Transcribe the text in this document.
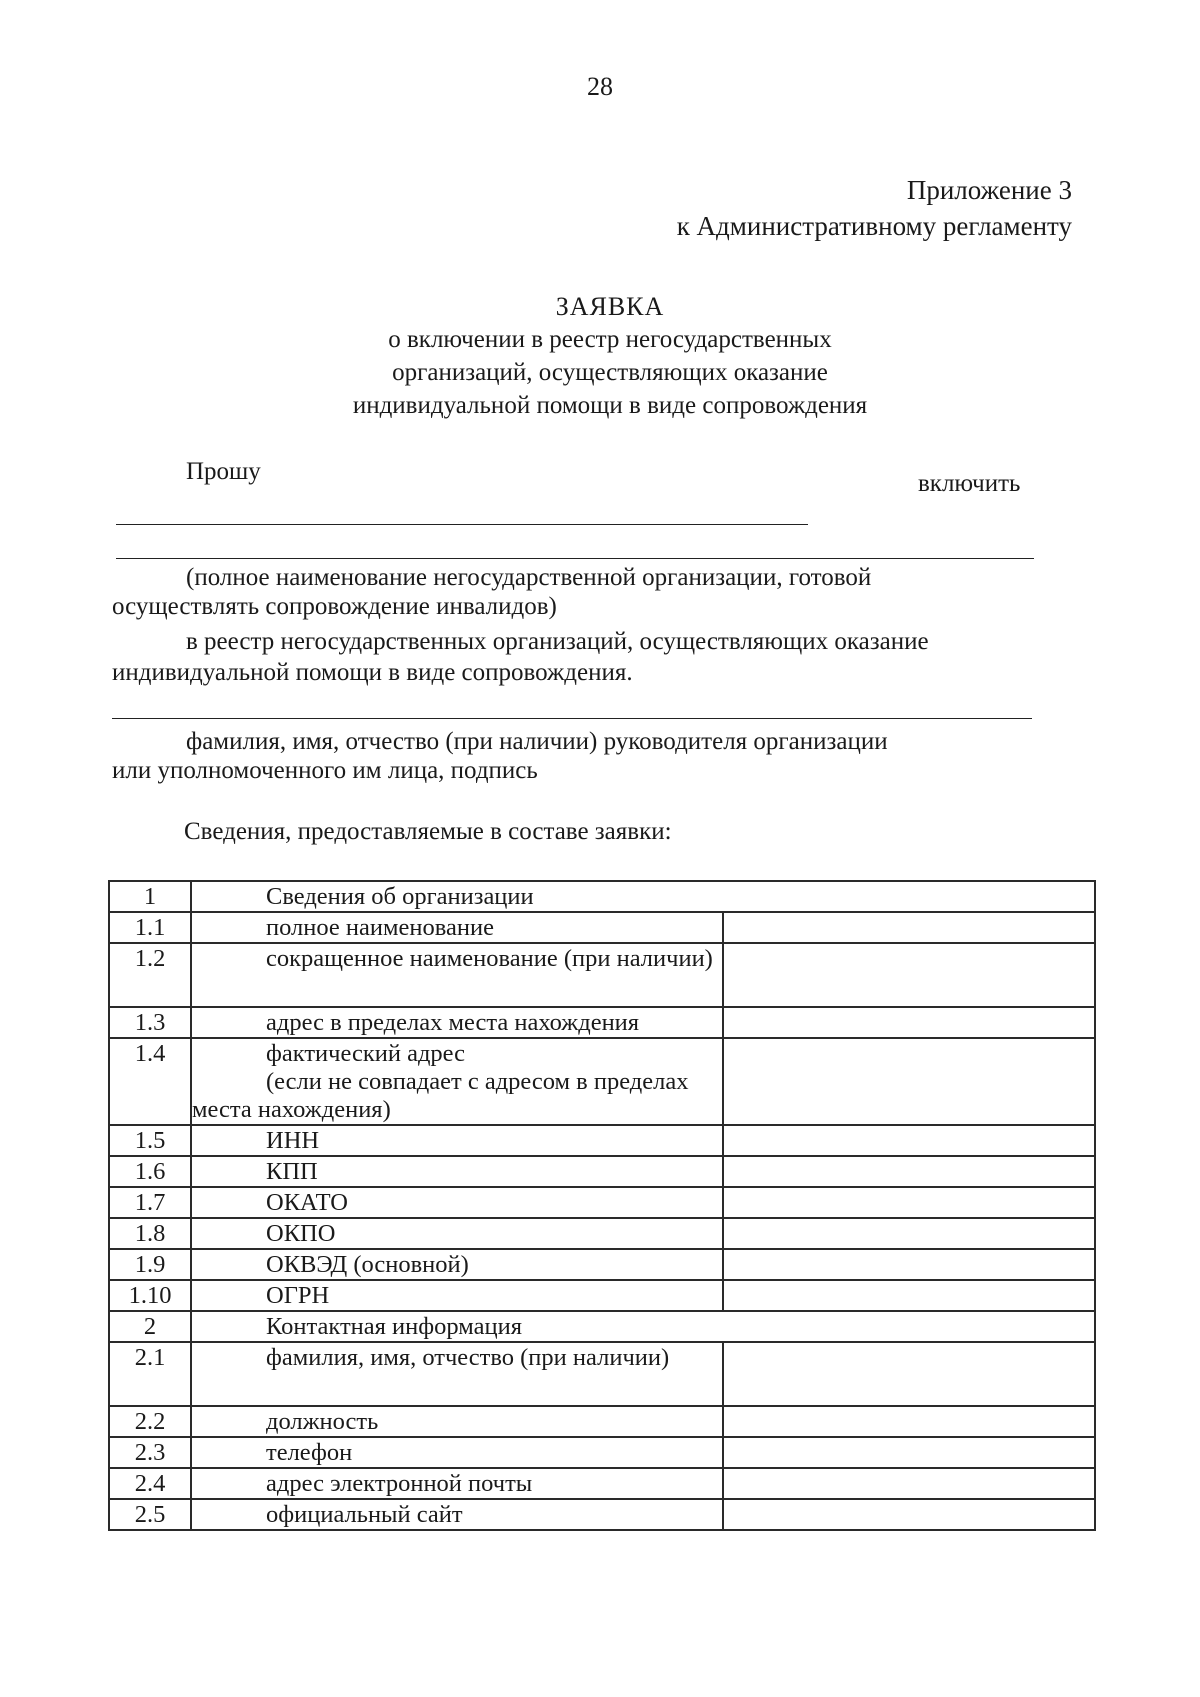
28
Приложение 3
к Административному регламенту
ЗАЯВКА
о включении в реестр негосударственных
организаций, осуществляющих оказание
индивидуальной помощи в виде сопровождения
Прошу	включить
(полное наименование негосударственной организации, готовой
осуществлять сопровождение инвалидов)
в реестр негосударственных организаций, осуществляющих оказание
индивидуальной помощи в виде сопровождения.
фамилия, имя, отчество (при наличии) руководителя организации
или уполномоченного им лица, подпись
Сведения, предоставляемые в составе заявки:
1	Сведения об организации	
1.1	полное наименование	
1.2	сокращенное наименование (при наличии)	
1.3	адрес в пределах места нахождения	
1.4	фактический адрес
(если не совпадает с адресом в пределах места нахождения)	

1.5	ИНН	
1.6	КПП	
1.7	ОКАТО	
1.8	ОКПО	
1.9	ОКВЭД (основной)	
1.10	ОГРН	
2	Контактная информация	
2.1	фамилия, имя, отчество (при наличии)	
2.2	должность	
2.3	телефон	
2.4	адрес электронной почты	
2.5	официальный сайт	
